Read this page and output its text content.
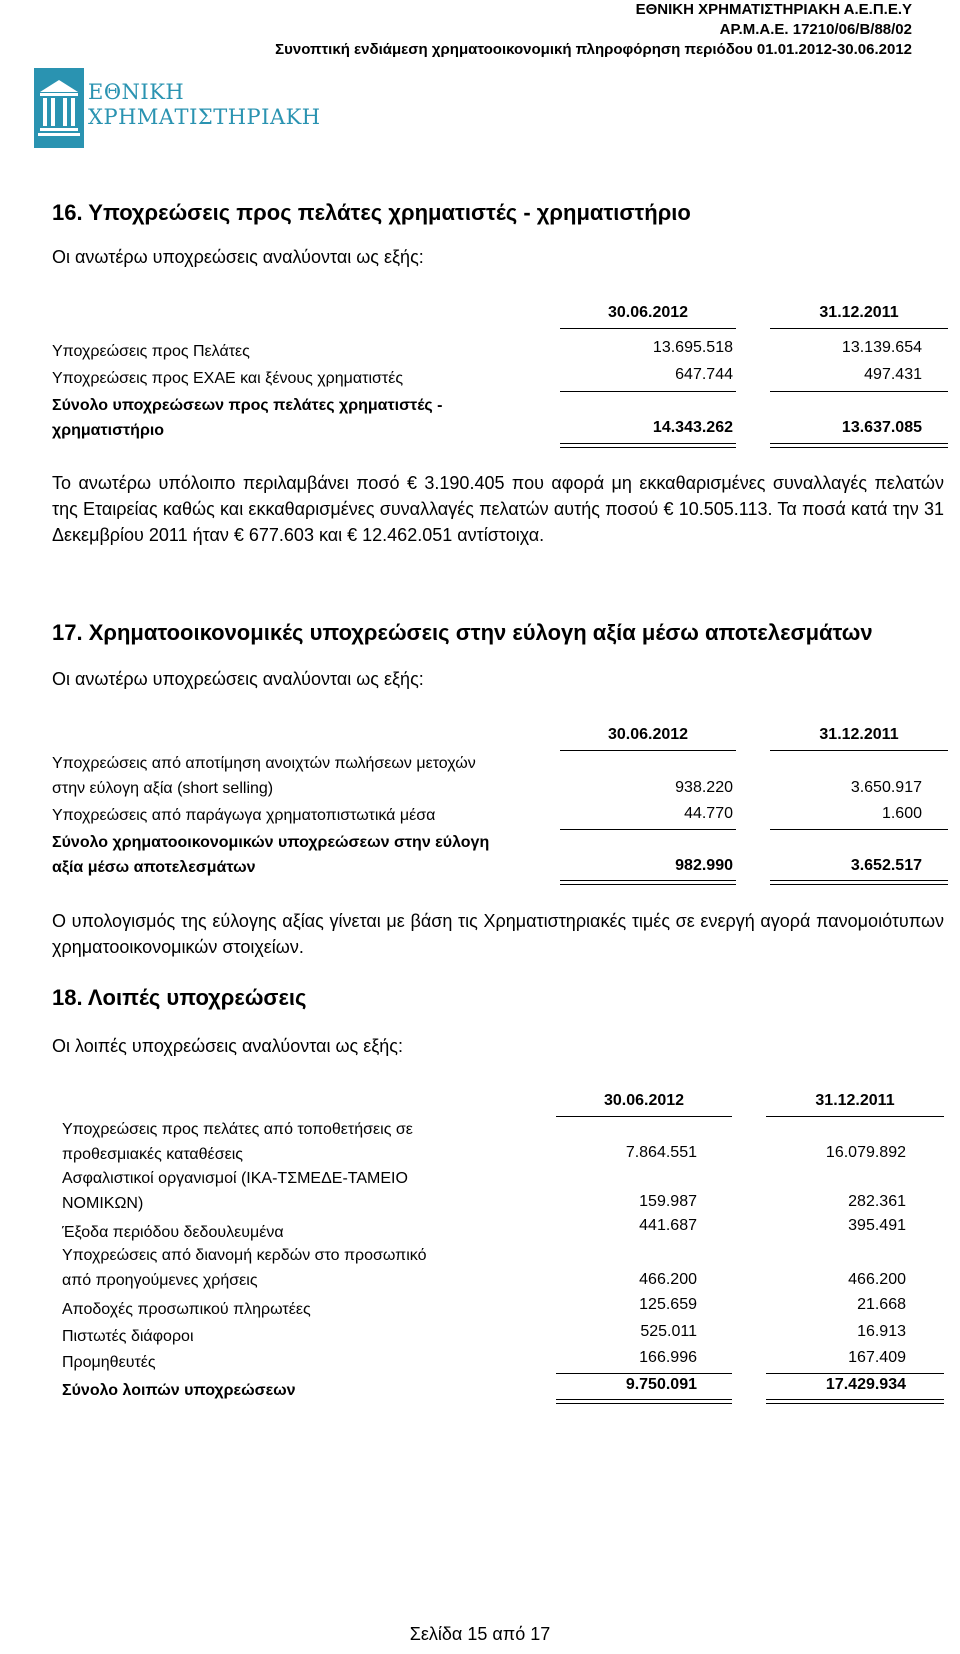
ΕΘΝΙΚΗ ΧΡΗΜΑΤΙΣΤΗΡΙΑΚΗ Α.Ε.Π.Ε.Υ
ΑΡ.Μ.Α.Ε. 17210/06/Β/88/02
Συνοπτική ενδιάμεση χρηματοοικονομική πληροφόρηση περιόδου 01.01.2012-30.06.2012
ΕΘΝΙΚΗ
ΧΡΗΜΑΤΙΣΤΗΡΙΑΚΗ
16. Υποχρεώσεις προς πελάτες χρηματιστές - χρηματιστήριο
Οι ανωτέρω υποχρεώσεις αναλύονται ως εξής:
30.06.2012	31.12.2011
Υποχρεώσεις προς Πελάτες	13.695.518	13.139.654
Υποχρεώσεις προς ΕΧΑΕ και ξένους χρηματιστές	647.744	497.431
Σύνολο υποχρεώσεων προς πελάτες χρηματιστές -
χρηματιστήριο	14.343.262	13.637.085
Το ανωτέρω υπόλοιπο περιλαμβάνει ποσό € 3.190.405 που αφορά μη εκκαθαρισμένες συναλλαγές πελατών της Εταιρείας καθώς και εκκαθαρισμένες συναλλαγές πελατών αυτής ποσού € 10.505.113. Τα ποσά κατά την 31 Δεκεμβρίου 2011 ήταν € 677.603 και € 12.462.051 αντίστοιχα.
17. Χρηματοοικονομικές υποχρεώσεις στην εύλογη αξία μέσω αποτελεσμάτων
Οι ανωτέρω υποχρεώσεις αναλύονται ως εξής:
30.06.2012	31.12.2011
Υποχρεώσεις από αποτίμηση ανοιχτών πωλήσεων μετοχών
στην εύλογη αξία (short selling)	938.220	3.650.917
Υποχρεώσεις από παράγωγα χρηματοπιστωτικά μέσα	44.770	1.600
Σύνολο χρηματοοικονομικών υποχρεώσεων στην εύλογη
αξία μέσω αποτελεσμάτων	982.990	3.652.517
Ο υπολογισμός της εύλογης αξίας γίνεται με βάση τις Χρηματιστηριακές τιμές σε ενεργή αγορά πανομοιότυπων χρηματοοικονομικών στοιχείων.
18. Λοιπές υποχρεώσεις
Οι λοιπές υποχρεώσεις αναλύονται ως εξής:
30.06.2012	31.12.2011
Υποχρεώσεις προς πελάτες από τοποθετήσεις σε
προθεσμιακές καταθέσεις	7.864.551	16.079.892
Ασφαλιστικοί οργανισμοί (ΙΚΑ-ΤΣΜΕΔΕ-ΤΑΜΕΙΟ
ΝΟΜΙΚΩΝ)	159.987	282.361
Έξοδα περιόδου δεδουλευμένα	441.687	395.491
Υποχρεώσεις από διανομή κερδών στο προσωπικό
από προηγούμενες χρήσεις	466.200	466.200
Αποδοχές προσωπικού πληρωτέες	125.659	21.668
Πιστωτές διάφοροι	525.011	16.913
Προμηθευτές	166.996	167.409
Σύνολο λοιπών υποχρεώσεων	9.750.091	17.429.934
Σελίδα 15 από 17
